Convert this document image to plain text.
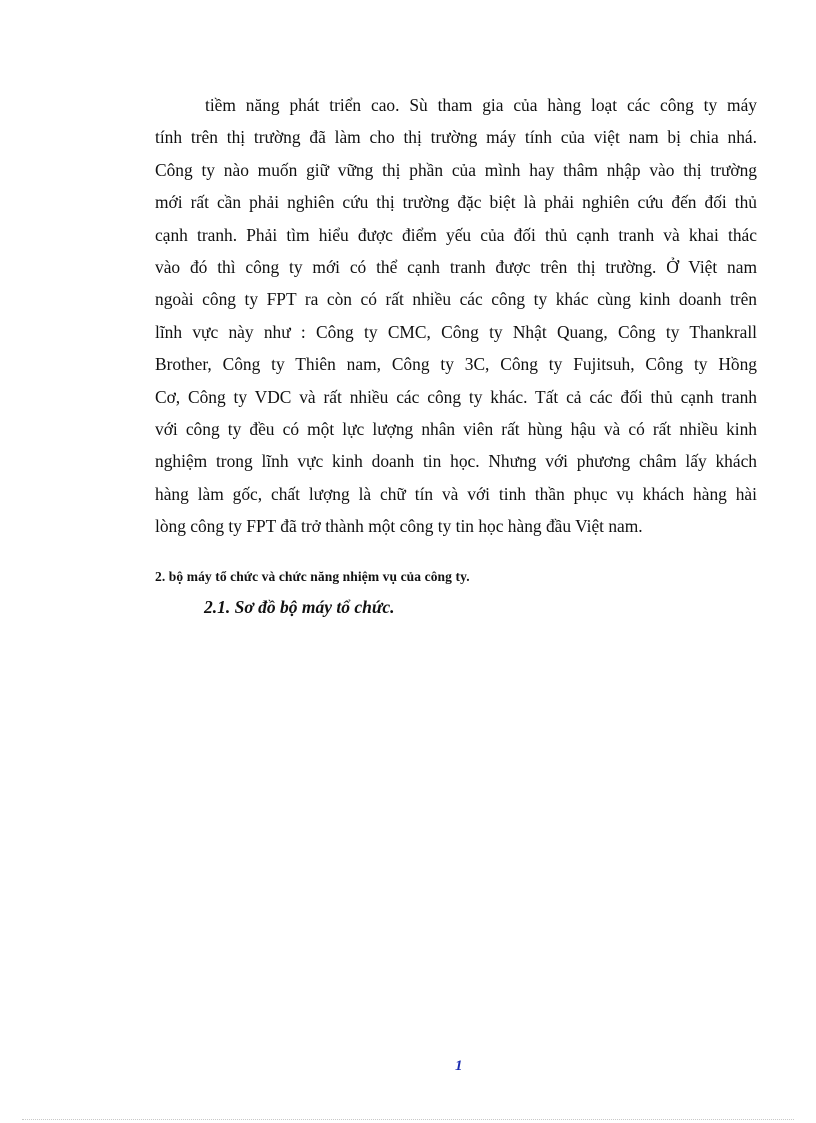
tiềm năng phát triển cao. Sù tham gia của hàng loạt các công ty máy
tính trên thị trường đã làm cho thị trường máy tính của việt nam bị chia nhá.
Công ty nào muốn giữ vững thị phần của mình hay thâm nhập vào thị trường
mới rất cần phải nghiên cứu thị trường đặc biệt là phải nghiên cứu đến đối thủ
cạnh tranh. Phải tìm hiểu được điểm yếu của đối thủ cạnh tranh và khai thác
vào đó thì công ty mới có thể cạnh tranh được trên thị trường. Ở Việt nam
ngoài công ty FPT ra còn có rất nhiều các công ty khác cùng kinh doanh trên
lĩnh vực này như : Công ty CMC, Công ty Nhật Quang, Công ty Thankrall
Brother, Công ty Thiên nam, Công ty 3C, Công ty Fujitsuh, Công ty Hồng
Cơ, Công ty VDC và rất nhiều các công ty khác. Tất cả các đối thủ cạnh tranh
với công ty đều có một lực lượng nhân viên rất hùng hậu và có rất nhiều kinh
nghiệm trong lĩnh vực kinh doanh tin học. Nhưng với phương châm lấy khách
hàng làm gốc, chất lượng là chữ tín và với tinh thần phục vụ khách hàng hài
lòng công ty FPT đã trở thành một công ty tin học hàng đầu Việt nam.
2. bộ máy tổ chức và chức năng nhiệm vụ của công ty.
2.1. Sơ đồ bộ máy tổ chức.
1
